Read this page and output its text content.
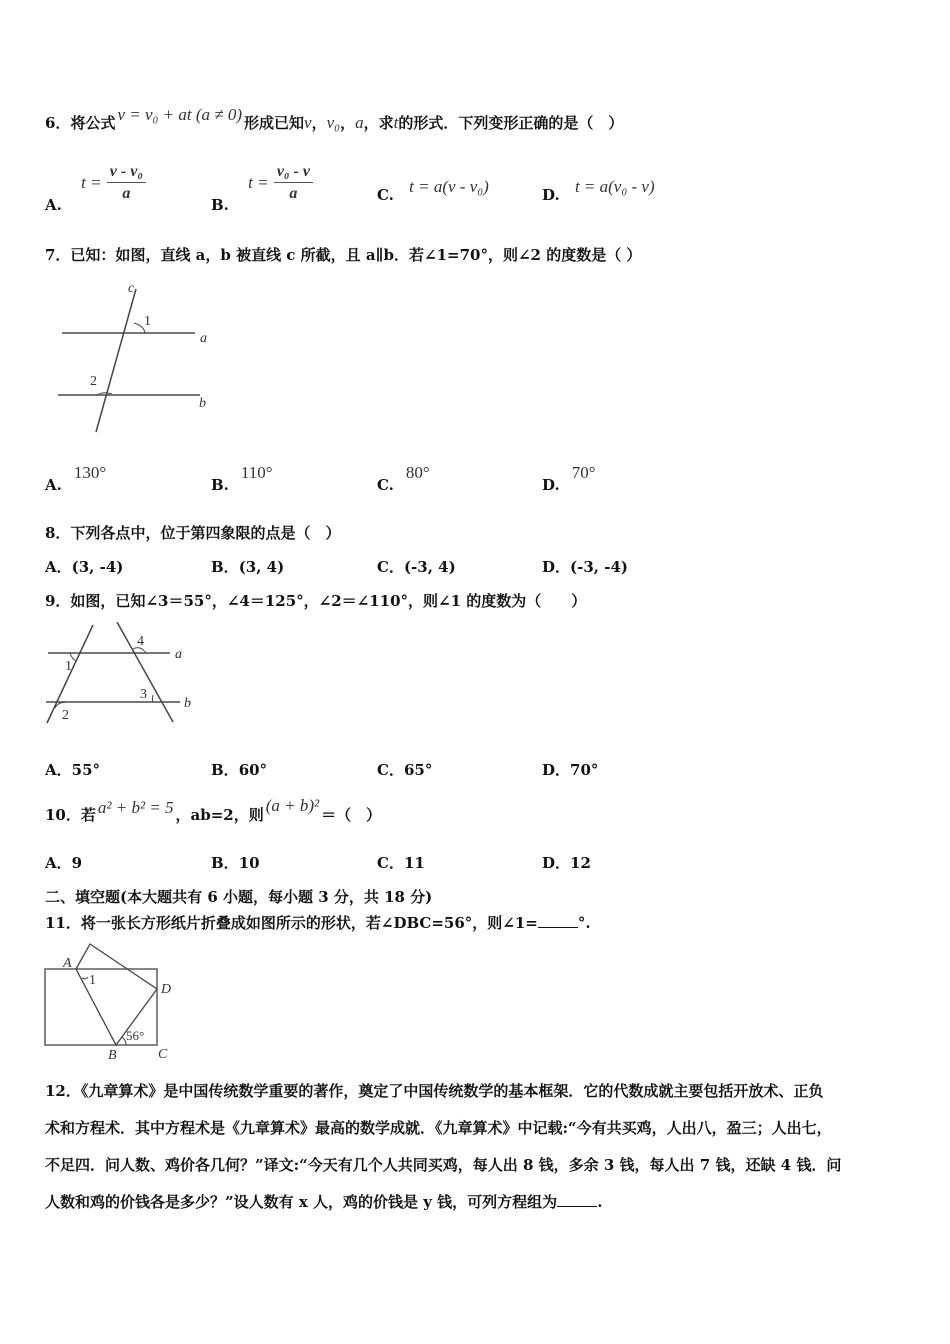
6．将公式 v = v₀ + at (a ≠ 0) 形成已知v，v₀，a，求t的形式．下列变形正确的是（　）
A. $t = \frac{\text{v - v₀}}{a}$	B. $t = \frac{\text{v₀ - v}}{a}$	C. t = a(v - v₀)	D. t = a(v₀ - v)
7．已知：如图，直线 a，b 被直线 c 所截，且 a∥b．若∠1=70°，则∠2 的度数是（ ）
c
1
a
2
b
A.130°
B.110°
C.80°
D.70°
8．下列各点中，位于第四象限的点是（　）
A．(3, -4)	B．(3, 4)	C．(-3, 4)	D．(-3, -4)
9．如图，已知∠3＝55°，∠4＝125°，∠2＝∠110°，则∠1 的度数为（　　）
1
2
3
4
a
b
A．55°	B．60°	C．65°	D．70°
10．若 a² + b² = 5 ，ab=2，则 (a + b)² ＝（　）
A．9	B．10	C．11	D．12
二、填空题(本大题共有 6 小题，每小题 3 分，共 18 分)
11．将一张长方形纸片折叠成如图所示的形状，若∠DBC=56°，则∠1=	°.
A
1
D
56°
B	C
12．《九章算术》是中国传统数学重要的著作，奠定了中国传统数学的基本框架．它的代数成就主要包括开放术、正负
术和方程术．其中方程术是《九章算术》最高的数学成就．《九章算术》中记载:“今有共买鸡，人出八，盈三；人出七，
不足四．问人数、鸡价各几何？”译文:“今天有几个人共同买鸡，每人出 8 钱，多余 3 钱，每人出 7 钱，还缺 4 钱．问
人数和鸡的价钱各是多少？”设人数有 x 人，鸡的价钱是 y 钱，可列方程组为	.
